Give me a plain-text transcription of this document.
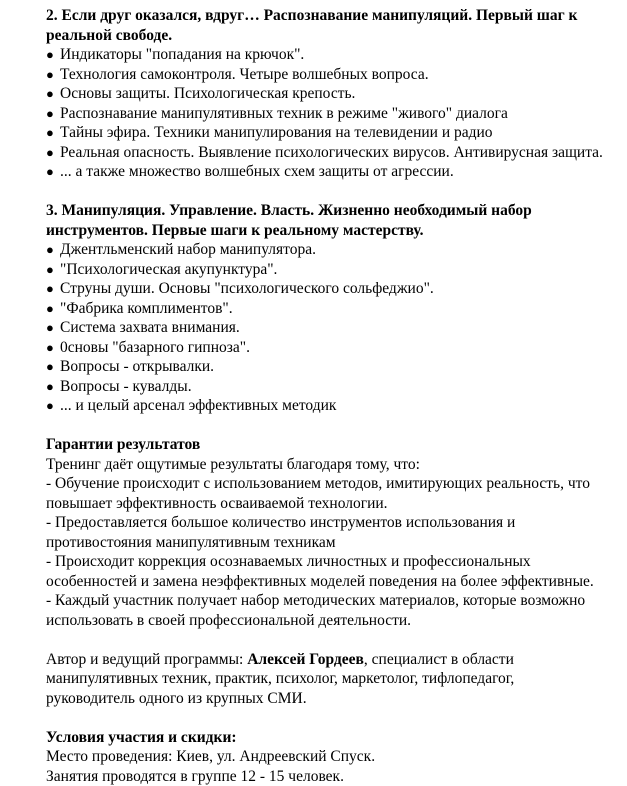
2. Если друг оказался, вдруг… Распознавание манипуляций. Первый шаг к
реальной свободе.
● Индикаторы "попадания на крючок".
● Технология самоконтроля. Четыре волшебных вопроса.
● Основы защиты. Психологическая крепость.
● Распознавание манипулятивных техник в режиме "живого" диалога
● Тайны эфира. Техники манипулирования на телевидении и радио
● Реальная опасность. Выявление психологических вирусов. Антивирусная защита.
● ... а также множество волшебных схем защиты от агрессии.
3. Манипуляция. Управление. Власть. Жизненно необходимый набор
инструментов. Первые шаги к реальному мастерству.
● Джентльменский набор манипулятора.
● "Психологическая акупунктура".
● Струны души. Основы "психологического сольфеджио".
● "Фабрика комплиментов".
● Система захвата внимания.
● 0сновы "базарного гипноза".
● Вопросы - открывалки.
● Вопросы - кувалды.
● ... и целый арсенал эффективных методик
Гарантии результатов
Тренинг даёт ощутимые результаты благодаря тому, что:
- Обучение происходит с использованием методов, имитирующих реальность, что
повышает эффективность осваиваемой технологии.
- Предоставляется большое количество инструментов использования и
противостояния манипулятивным техникам
- Происходит коррекция осознаваемых личностных и профессиональных
особенностей и замена неэффективных моделей поведения на более эффективные.
- Каждый участник получает набор методических материалов, которые возможно
использовать в своей профессиональной деятельности.
Автор и ведущий программы: Алексей Гордеев, специалист в области
манипулятивных техник, практик, психолог, маркетолог, тифлопедагог,
руководитель одного из крупных СМИ.
Условия участия и скидки:
Место проведения: Киев, ул. Андреевский Спуск.
Занятия проводятся в группе 12 - 15 человек.
